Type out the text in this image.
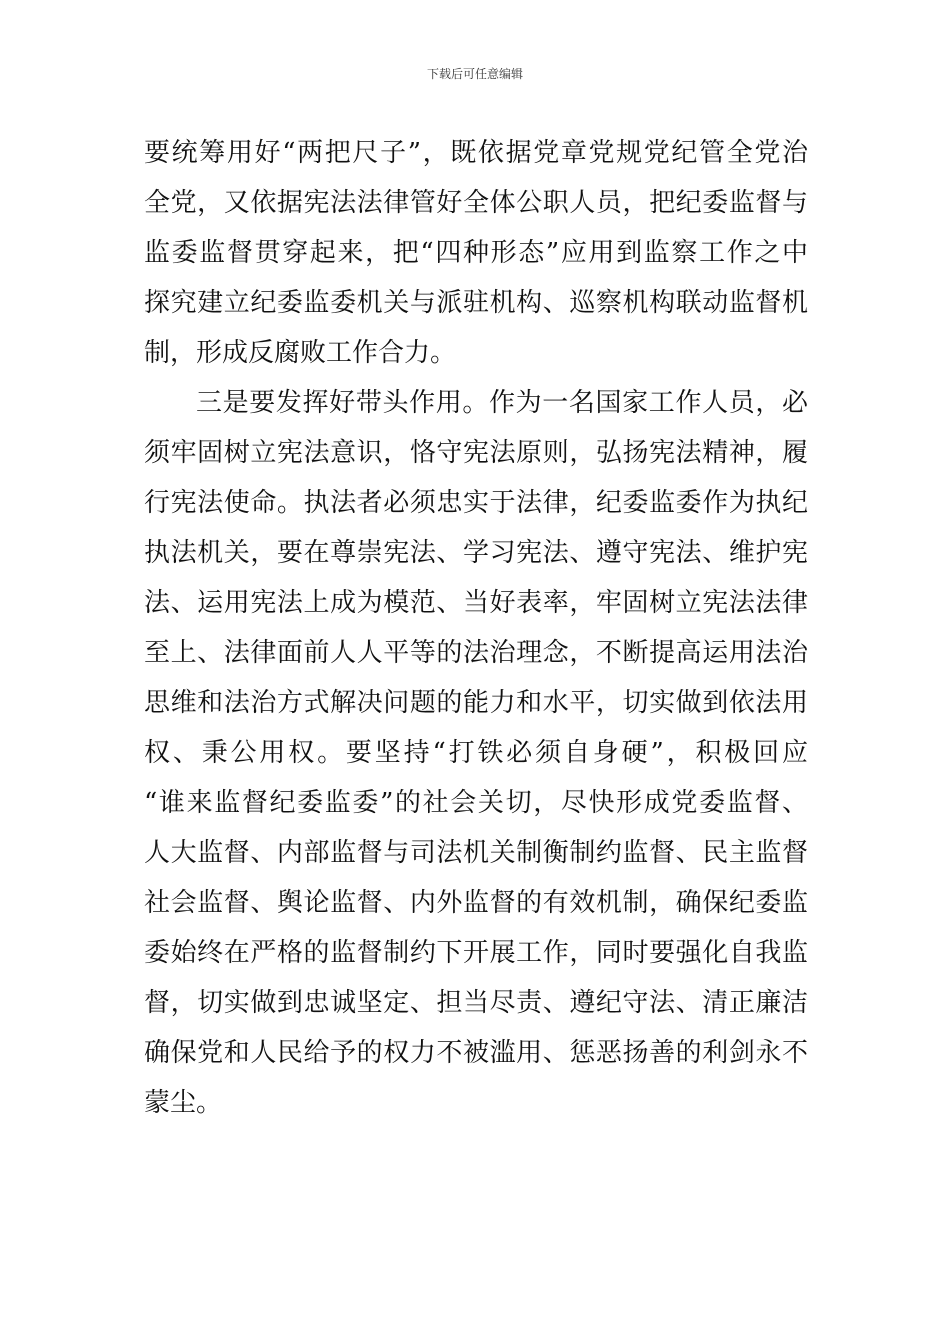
下载后可任意编辑
要统筹用好“两把尺子”，既依据党章党规党纪管全党治
全党，又依据宪法法律管好全体公职人员，把纪委监督与
监委监督贯穿起来，把“四种形态”应用到监察工作之中
探究建立纪委监委机关与派驻机构、巡察机构联动监督机
制，形成反腐败工作合力。
三是要发挥好带头作用。作为一名国家工作人员，必
须牢固树立宪法意识，恪守宪法原则，弘扬宪法精神，履
行宪法使命。执法者必须忠实于法律，纪委监委作为执纪
执法机关，要在尊崇宪法、学习宪法、遵守宪法、维护宪
法、运用宪法上成为模范、当好表率，牢固树立宪法法律
至上、法律面前人人平等的法治理念，不断提高运用法治
思维和法治方式解决问题的能力和水平，切实做到依法用
权、秉公用权。要坚持“打铁必须自身硬”，积极回应
“谁来监督纪委监委”的社会关切，尽快形成党委监督、
人大监督、内部监督与司法机关制衡制约监督、民主监督
社会监督、舆论监督、内外监督的有效机制，确保纪委监
委始终在严格的监督制约下开展工作，同时要强化自我监
督，切实做到忠诚坚定、担当尽责、遵纪守法、清正廉洁
确保党和人民给予的权力不被滥用、惩恶扬善的利剑永不
蒙尘。
